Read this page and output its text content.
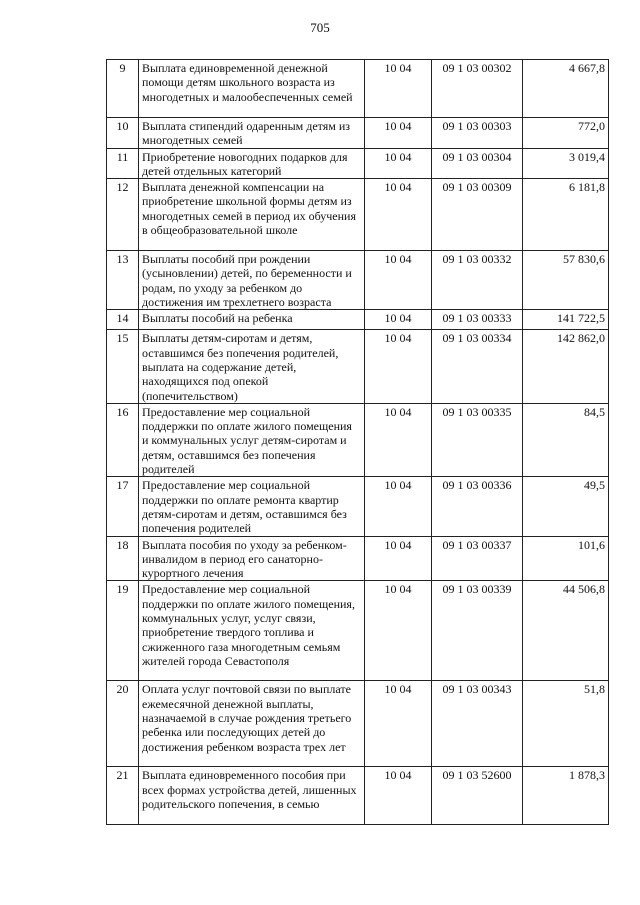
705
9	Выплата единовременной денежной помощи детям школьного возраста из многодетных и малообеспеченных семей	10 04	09 1 03 00302	4 667,8
10	Выплата стипендий одаренным детям из многодетных семей	10 04	09 1 03 00303	772,0
11	Приобретение новогодних подарков для детей отдельных категорий	10 04	09 1 03 00304	3 019,4
12	Выплата денежной компенсации на приобретение школьной формы детям из многодетных семей в период их обучения в общеобразовательной школе	10 04	09 1 03 00309	6 181,8
13	Выплаты пособий при рождении (усыновлении) детей, по беременности и родам, по уходу за ребенком до достижения им трехлетнего возраста	10 04	09 1 03 00332	57 830,6
14	Выплаты пособий на ребенка	10 04	09 1 03 00333	141 722,5
15	Выплаты детям-сиротам и детям, оставшимся без попечения родителей, выплата на содержание детей, находящихся под опекой (попечительством)	10 04	09 1 03 00334	142 862,0
16	Предоставление мер социальной поддержки по оплате жилого помещения и коммунальных услуг детям-сиротам и детям, оставшимся без попечения родителей	10 04	09 1 03 00335	84,5
17	Предоставление мер социальной поддержки по оплате ремонта квартир детям-сиротам и детям, оставшимся без попечения родителей	10 04	09 1 03 00336	49,5
18	Выплата пособия по уходу за ребенком-инвалидом в период его санаторно-курортного лечения	10 04	09 1 03 00337	101,6
19	Предоставление мер социальной поддержки по оплате жилого помещения, коммунальных услуг, услуг связи, приобретение твердого топлива и сжиженного газа многодетным семьям жителей города Севастополя	10 04	09 1 03 00339	44 506,8
20	Оплата услуг почтовой связи по выплате ежемесячной денежной выплаты, назначаемой в случае рождения третьего ребенка или последующих детей до достижения ребенком возраста трех лет	10 04	09 1 03 00343	51,8
21	Выплата единовременного пособия при всех формах устройства детей, лишенных родительского попечения, в семью	10 04	09 1 03 52600	1 878,3
